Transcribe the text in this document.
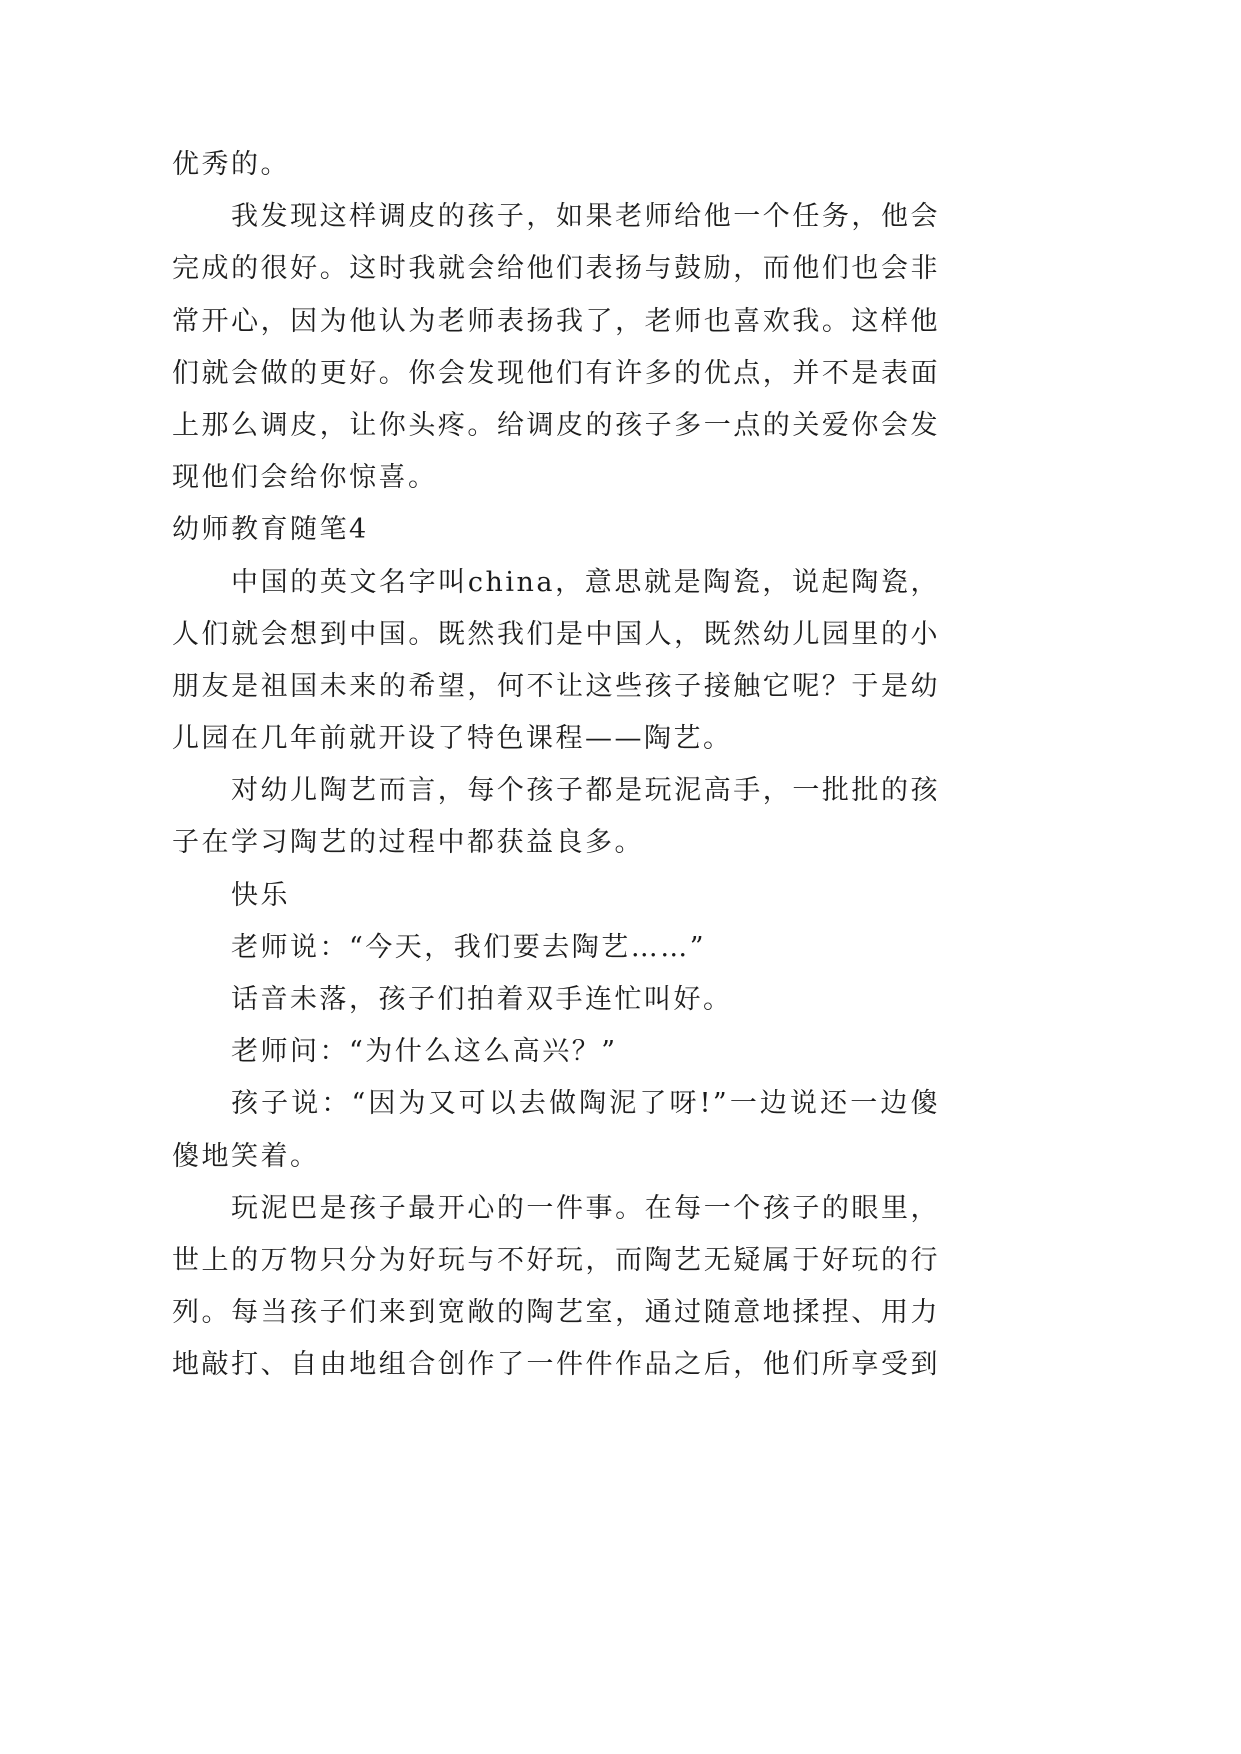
优秀的。
我发现这样调皮的孩子，如果老师给他一个任务，他会
完成的很好。这时我就会给他们表扬与鼓励，而他们也会非
常开心，因为他认为老师表扬我了，老师也喜欢我。这样他
们就会做的更好。你会发现他们有许多的优点，并不是表面
上那么调皮，让你头疼。给调皮的孩子多一点的关爱你会发
现他们会给你惊喜。
幼师教育随笔4
中国的英文名字叫china，意思就是陶瓷，说起陶瓷，
人们就会想到中国。既然我们是中国人，既然幼儿园里的小
朋友是祖国未来的希望，何不让这些孩子接触它呢？于是幼
儿园在几年前就开设了特色课程——陶艺。
对幼儿陶艺而言，每个孩子都是玩泥高手，一批批的孩
子在学习陶艺的过程中都获益良多。
快乐
老师说：“今天，我们要去陶艺……”
话音未落，孩子们拍着双手连忙叫好。
老师问：“为什么这么高兴？”
孩子说：“因为又可以去做陶泥了呀!”一边说还一边傻
傻地笑着。
玩泥巴是孩子最开心的一件事。在每一个孩子的眼里，
世上的万物只分为好玩与不好玩，而陶艺无疑属于好玩的行
列。每当孩子们来到宽敞的陶艺室，通过随意地揉捏、用力
地敲打、自由地组合创作了一件件作品之后，他们所享受到
